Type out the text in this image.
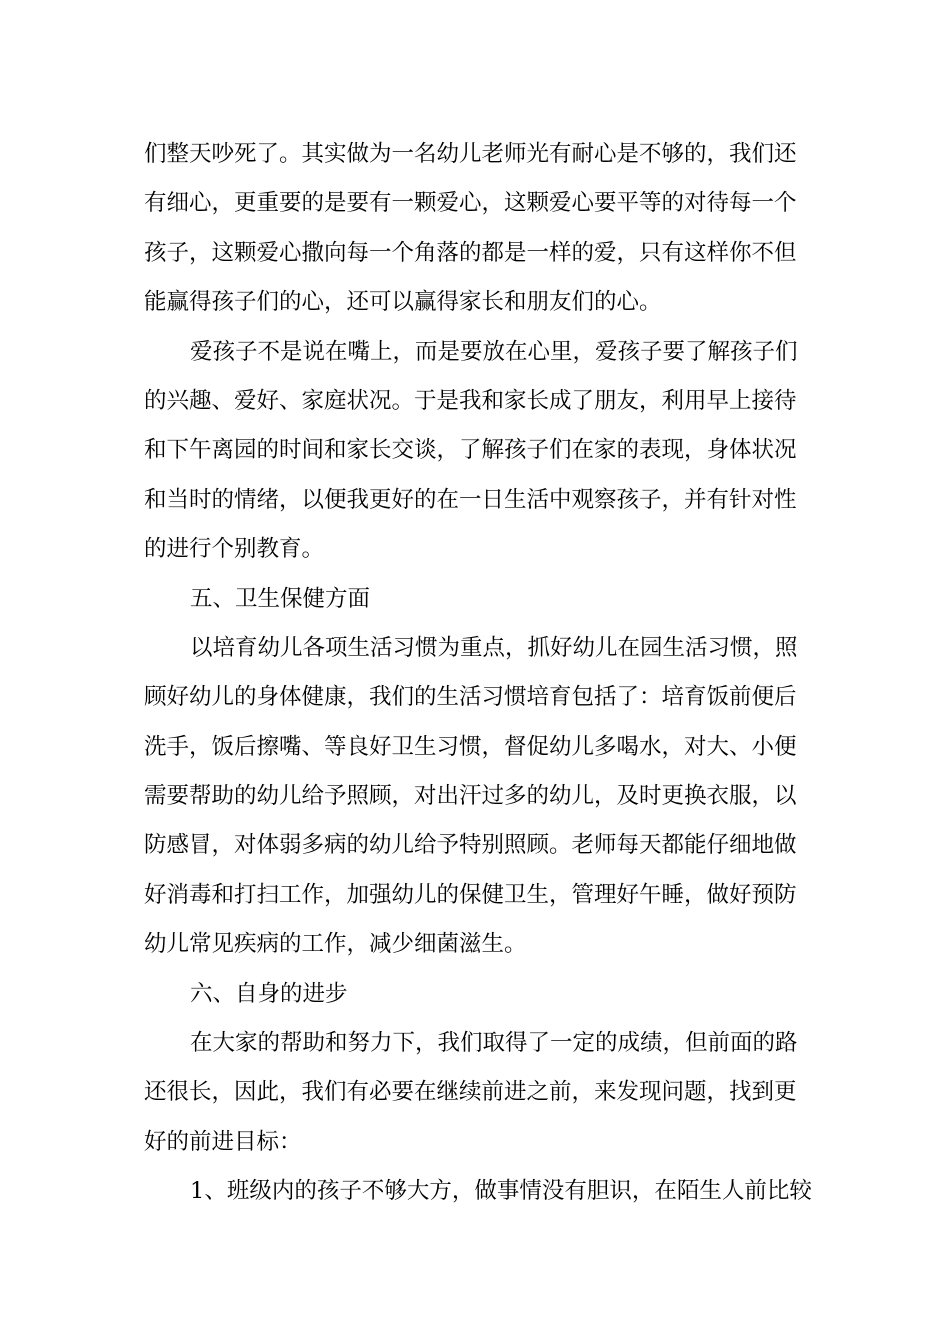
们整天吵死了。其实做为一名幼儿老师光有耐心是不够的，我们还
有细心，更重要的是要有一颗爱心，这颗爱心要平等的对待每一个
孩子，这颗爱心撒向每一个角落的都是一样的爱，只有这样你不但
能赢得孩子们的心，还可以赢得家长和朋友们的心。
爱孩子不是说在嘴上，而是要放在心里，爱孩子要了解孩子们
的兴趣、爱好、家庭状况。于是我和家长成了朋友，利用早上接待
和下午离园的时间和家长交谈，了解孩子们在家的表现，身体状况
和当时的情绪，以便我更好的在一日生活中观察孩子，并有针对性
的进行个别教育。
五、卫生保健方面
以培育幼儿各项生活习惯为重点，抓好幼儿在园生活习惯，照
顾好幼儿的身体健康，我们的生活习惯培育包括了：培育饭前便后
洗手，饭后擦嘴、等良好卫生习惯，督促幼儿多喝水，对大、小便
需要帮助的幼儿给予照顾，对出汗过多的幼儿，及时更换衣服，以
防感冒，对体弱多病的幼儿给予特别照顾。老师每天都能仔细地做
好消毒和打扫工作，加强幼儿的保健卫生，管理好午睡，做好预防
幼儿常见疾病的工作，减少细菌滋生。
六、自身的进步
在大家的帮助和努力下，我们取得了一定的成绩，但前面的路
还很长，因此，我们有必要在继续前进之前，来发现问题，找到更
好的前进目标：
1、班级内的孩子不够大方，做事情没有胆识，在陌生人前比较
